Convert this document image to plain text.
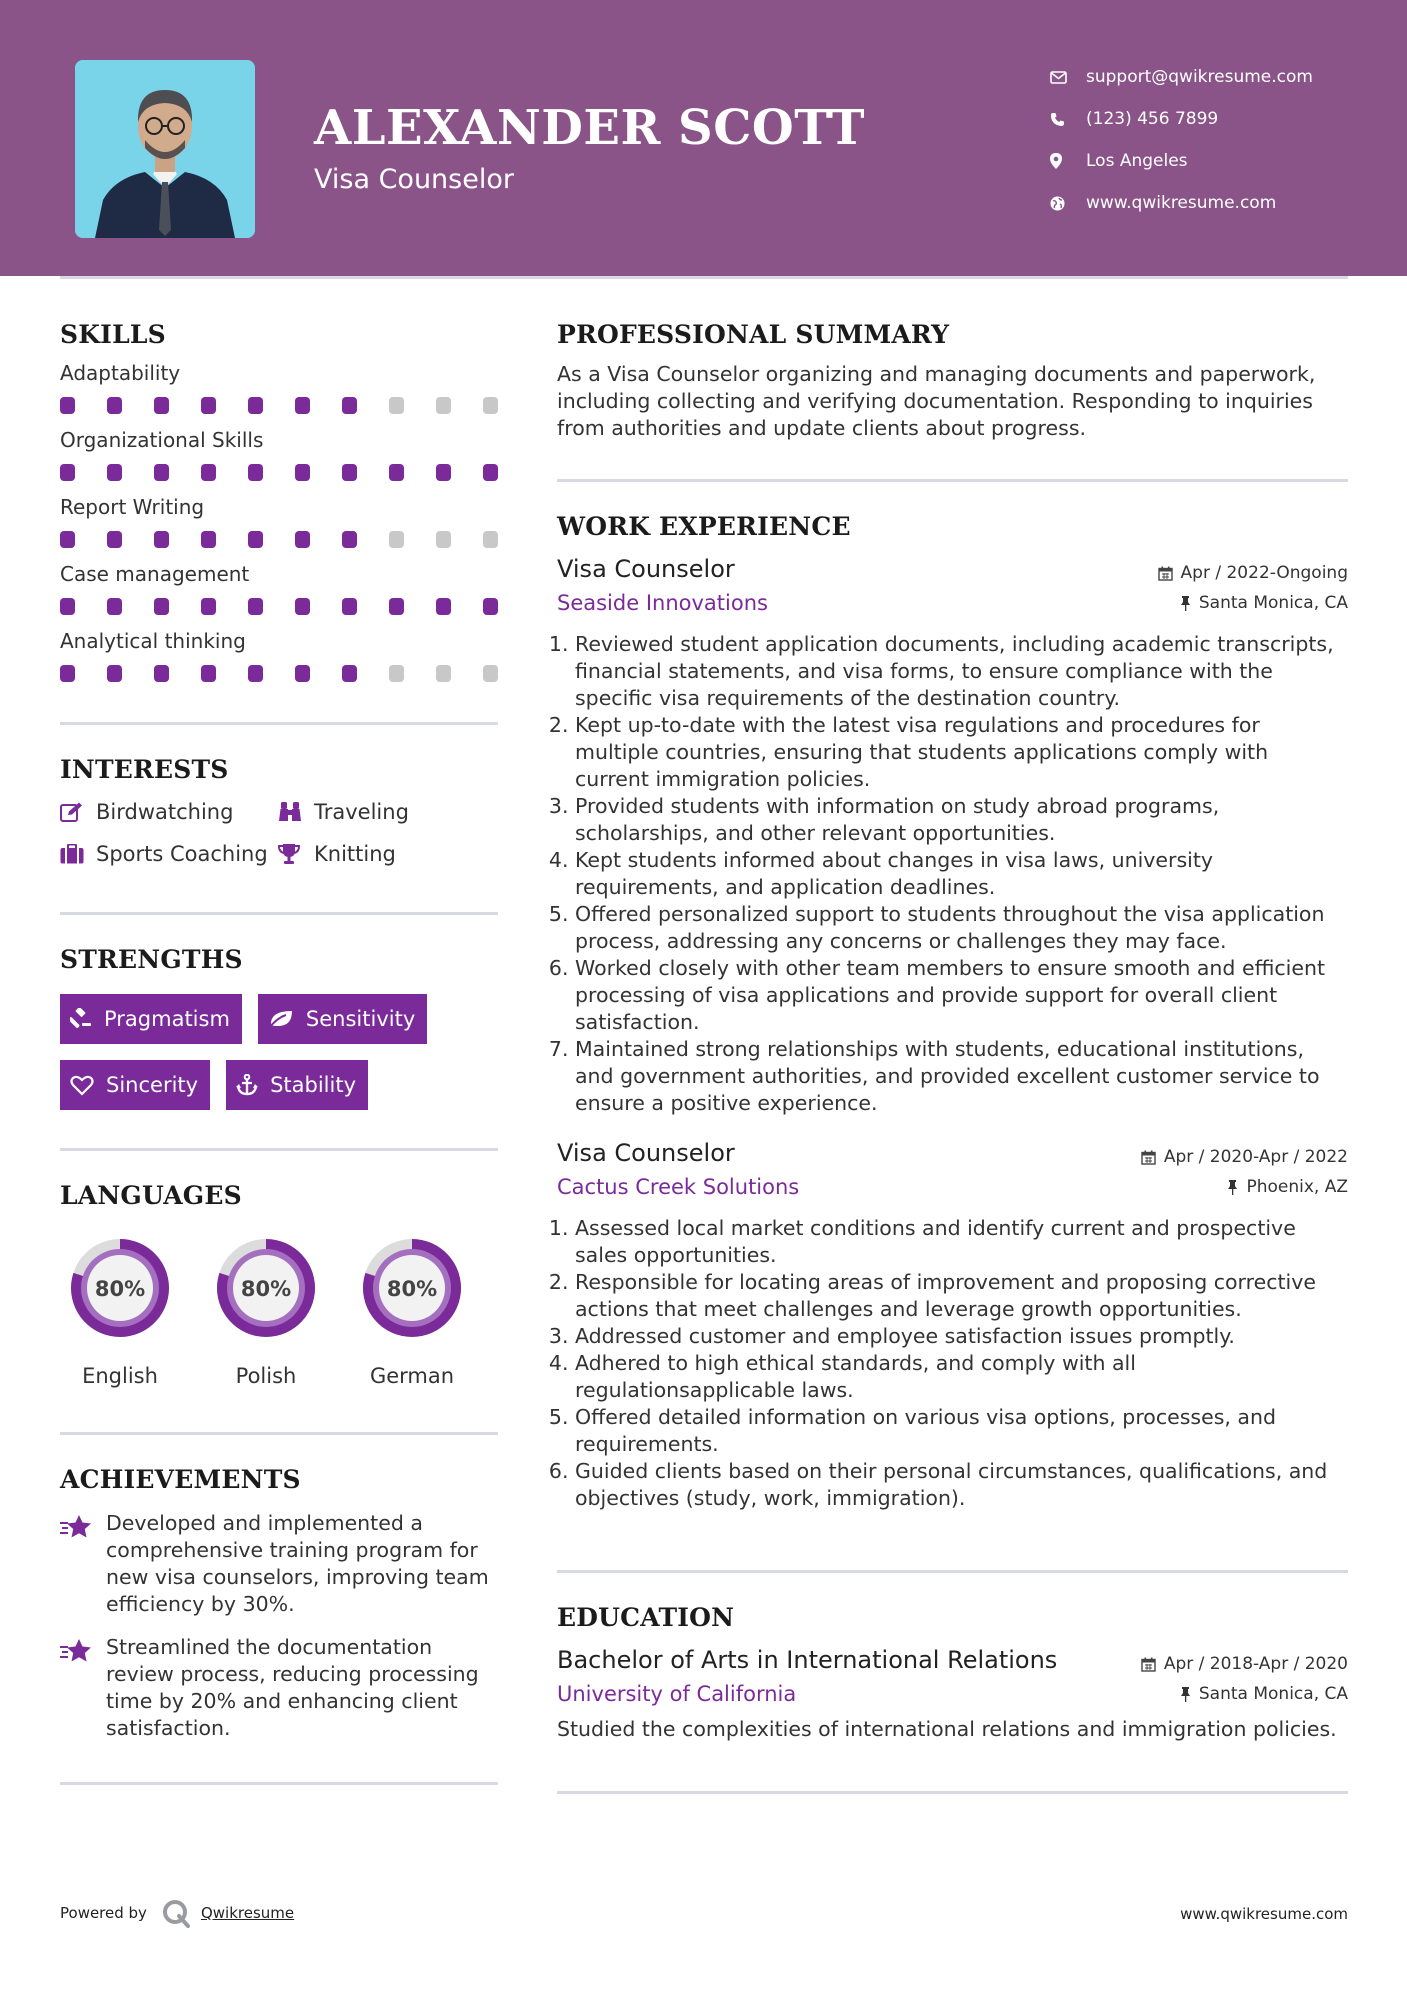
ALEXANDER SCOTT
Visa Counselor
support@qwikresume.com
(123) 456 7899
Los Angeles
www.qwikresume.com
SKILLS
Adaptability
Organizational Skills
Report Writing
Case management
Analytical thinking
INTERESTS
Birdwatching	Traveling
Sports Coaching Knitting
STRENGTHS
Pragmatism	Sensitivity
Sincerity	Stability
LANGUAGES
80%
English
80%
Polish
80%
German
ACHIEVEMENTS
Developed and implemented a comprehensive training program for new visa counselors, improving team efficiency by 30%.
Streamlined the documentation review process, reducing processing time by 20% and enhancing client satisfaction.
PROFESSIONAL SUMMARY
As a Visa Counselor organizing and managing documents and paperwork, including collecting and verifying documentation. Responding to inquiries from authorities and update clients about progress.
WORK EXPERIENCE
Visa Counselor	Apr / 2022-Ongoing
Seaside Innovations	Santa Monica, CA
1. Reviewed student application documents, including academic transcripts, financial statements, and visa forms, to ensure compliance with the specific visa requirements of the destination country.
2. Kept up-to-date with the latest visa regulations and procedures for multiple countries, ensuring that students applications comply with current immigration policies.
3. Provided students with information on study abroad programs, scholarships, and other relevant opportunities.
4. Kept students informed about changes in visa laws, university requirements, and application deadlines.
5. Offered personalized support to students throughout the visa application process, addressing any concerns or challenges they may face.
6. Worked closely with other team members to ensure smooth and efficient processing of visa applications and provide support for overall client satisfaction.
7. Maintained strong relationships with students, educational institutions, and government authorities, and provided excellent customer service to ensure a positive experience.
Visa Counselor	Apr / 2020-Apr / 2022
Cactus Creek Solutions	Phoenix, AZ
1. Assessed local market conditions and identify current and prospective sales opportunities.
2. Responsible for locating areas of improvement and proposing corrective actions that meet challenges and leverage growth opportunities.
3. Addressed customer and employee satisfaction issues promptly.
4. Adhered to high ethical standards, and comply with all regulationsapplicable laws.
5. Offered detailed information on various visa options, processes, and requirements.
6. Guided clients based on their personal circumstances, qualifications, and objectives (study, work, immigration).
EDUCATION
Bachelor of Arts in International Relations	Apr / 2018-Apr / 2020
University of California	Santa Monica, CA
Studied the complexities of international relations and immigration policies.
Powered by	Qwikresume	www.qwikresume.com
